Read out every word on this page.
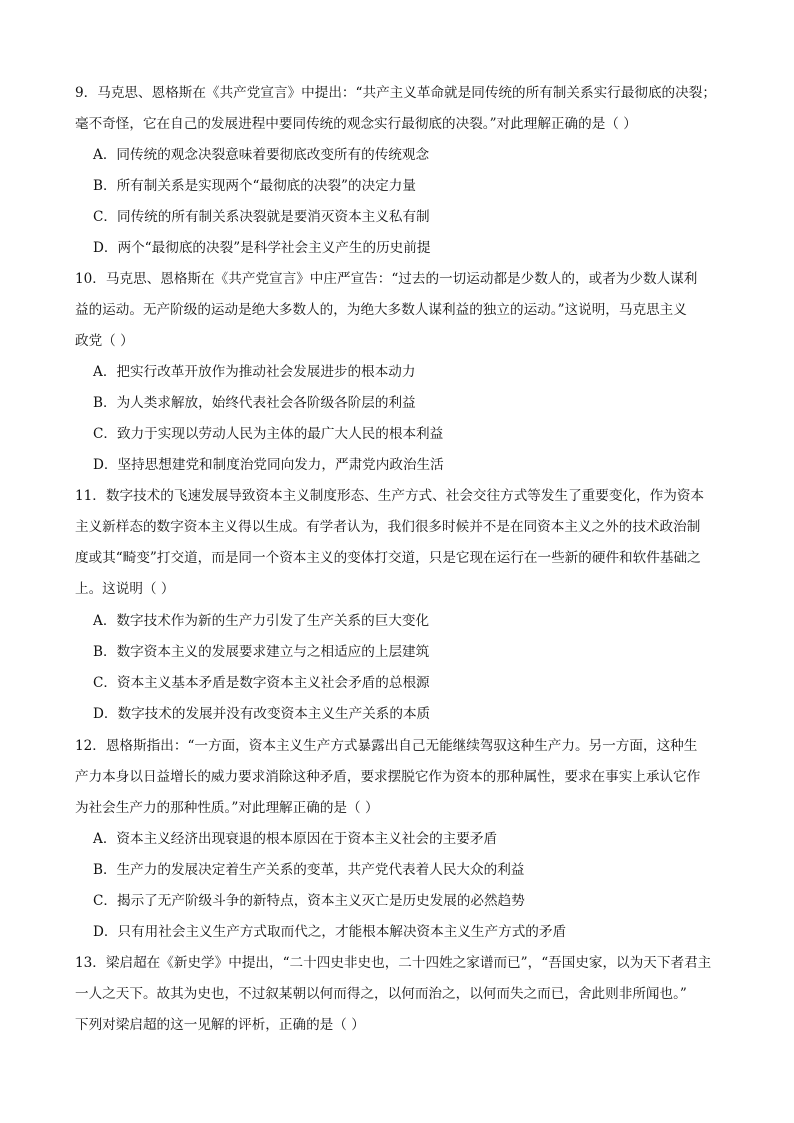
9．马克思、恩格斯在《共产党宣言》中提出：“共产主义革命就是同传统的所有制关系实行最彻底的决裂；
毫不奇怪，它在自己的发展进程中要同传统的观念实行最彻底的决裂。”对此理解正确的是（ ）
A．同传统的观念决裂意味着要彻底改变所有的传统观念
B．所有制关系是实现两个“最彻底的决裂”的决定力量
C．同传统的所有制关系决裂就是要消灭资本主义私有制
D．两个“最彻底的决裂”是科学社会主义产生的历史前提
10．马克思、恩格斯在《共产党宣言》中庄严宣告：“过去的一切运动都是少数人的，或者为少数人谋利
益的运动。无产阶级的运动是绝大多数人的，为绝大多数人谋利益的独立的运动。”这说明，马克思主义
政党（ ）
A．把实行改革开放作为推动社会发展进步的根本动力
B．为人类求解放，始终代表社会各阶级各阶层的利益
C．致力于实现以劳动人民为主体的最广大人民的根本利益
D．坚持思想建党和制度治党同向发力，严肃党内政治生活
11．数字技术的飞速发展导致资本主义制度形态、生产方式、社会交往方式等发生了重要变化，作为资本
主义新样态的数字资本主义得以生成。有学者认为，我们很多时候并不是在同资本主义之外的技术政治制
度或其“畸变”打交道，而是同一个资本主义的变体打交道，只是它现在运行在一些新的硬件和软件基础之
上。这说明（ ）
A．数字技术作为新的生产力引发了生产关系的巨大变化
B．数字资本主义的发展要求建立与之相适应的上层建筑
C．资本主义基本矛盾是数字资本主义社会矛盾的总根源
D．数字技术的发展并没有改变资本主义生产关系的本质
12．恩格斯指出：“一方面，资本主义生产方式暴露出自己无能继续驾驭这种生产力。另一方面，这种生
产力本身以日益增长的威力要求消除这种矛盾，要求摆脱它作为资本的那种属性，要求在事实上承认它作
为社会生产力的那种性质。”对此理解正确的是（ ）
A．资本主义经济出现衰退的根本原因在于资本主义社会的主要矛盾
B．生产力的发展决定着生产关系的变革，共产党代表着人民大众的利益
C．揭示了无产阶级斗争的新特点，资本主义灭亡是历史发展的必然趋势
D．只有用社会主义生产方式取而代之，才能根本解决资本主义生产方式的矛盾
13．梁启超在《新史学》中提出，“二十四史非史也，二十四姓之家谱而已”，“吾国史家，以为天下者君主
一人之天下。故其为史也，不过叙某朝以何而得之，以何而治之，以何而失之而已，舍此则非所闻也。”
下列对梁启超的这一见解的评析，正确的是（ ）
